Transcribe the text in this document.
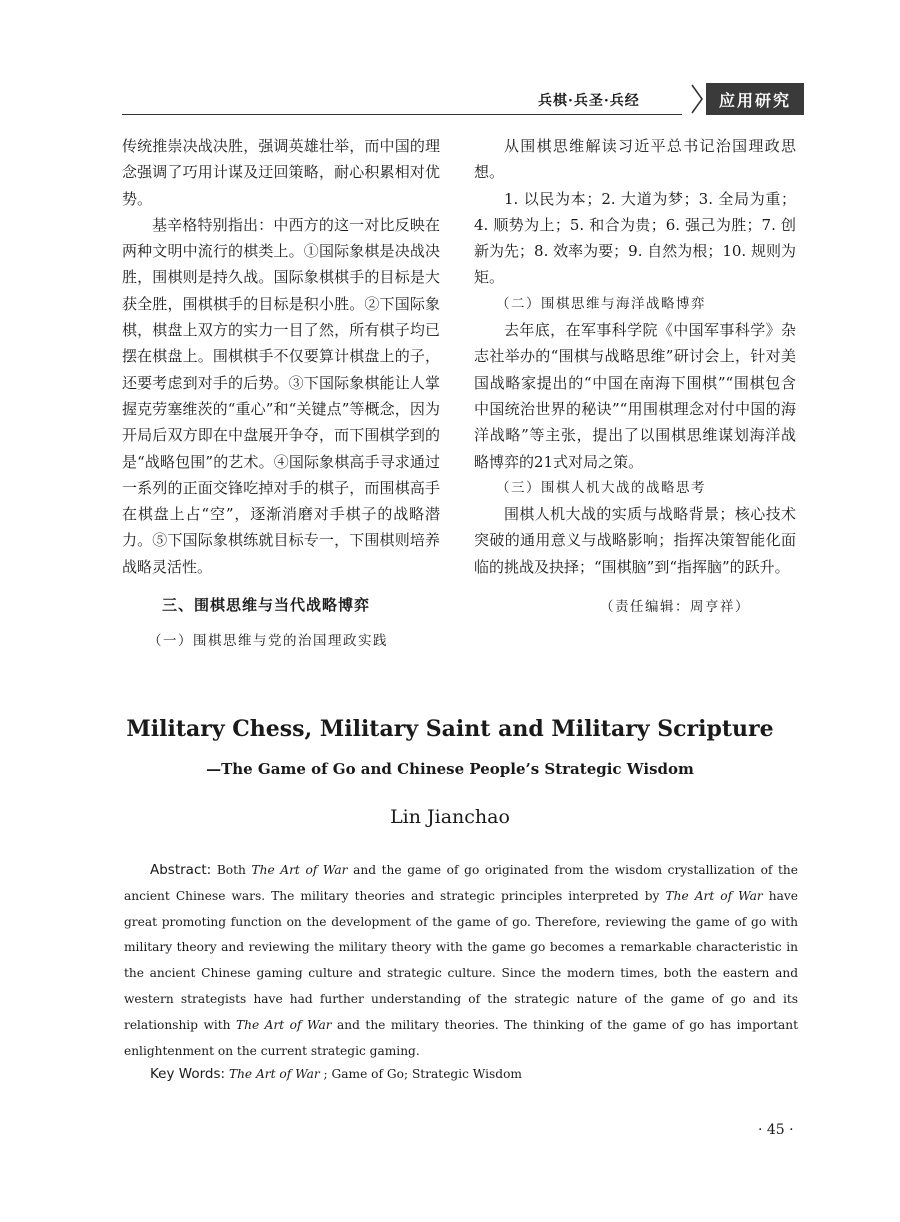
兵棋·兵圣·兵经	应用研究

传统推崇决战决胜，强调英雄壮举，而中国的理念强调了巧用计谋及迂回策略，耐心积累相对优势。

基辛格特别指出：中西方的这一对比反映在两种文明中流行的棋类上。①国际象棋是决战决胜，围棋则是持久战。国际象棋棋手的目标是大获全胜，围棋棋手的目标是积小胜。②下国际象棋，棋盘上双方的实力一目了然，所有棋子均已摆在棋盘上。围棋棋手不仅要算计棋盘上的子，还要考虑到对手的后势。③下国际象棋能让人掌握克劳塞维茨的“重心”和“关键点”等概念，因为开局后双方即在中盘展开争夺，而下围棋学到的是“战略包围”的艺术。④国际象棋高手寻求通过一系列的正面交锋吃掉对手的棋子，而围棋高手在棋盘上占“空”，逐渐消磨对手棋子的战略潜力。⑤下国际象棋练就目标专一，下围棋则培养战略灵活性。

三、围棋思维与当代战略博弈

（一）围棋思维与党的治国理政实践

从围棋思维解读习近平总书记治国理政思想。

1. 以民为本；2. 大道为梦；3. 全局为重；4. 顺势为上；5. 和合为贵；6. 强己为胜；7. 创新为先；8. 效率为要；9. 自然为根；10. 规则为矩。

（二）围棋思维与海洋战略博弈

去年底，在军事科学院《中国军事科学》杂志社举办的“围棋与战略思维”研讨会上，针对美国战略家提出的“中国在南海下围棋”“围棋包含中国统治世界的秘诀”“用围棋理念对付中国的海洋战略”等主张，提出了以围棋思维谋划海洋战略博弈的21式对局之策。

（三）围棋人机大战的战略思考

围棋人机大战的实质与战略背景；核心技术突破的通用意义与战略影响；指挥决策智能化面临的挑战及抉择；“围棋脑”到“指挥脑”的跃升。

（责任编辑：周亨祥）

Military Chess, Military Saint and Military Scripture
—The Game of Go and Chinese People’s Strategic Wisdom
Lin Jianchao
Abstract: Both The Art of War and the game of go originated from the wisdom crystallization of the ancient Chinese wars. The military theories and strategic principles interpreted by The Art of War have great promoting function on the development of the game of go. Therefore, reviewing the game of go with military theory and reviewing the military theory with the game go becomes a remarkable characteristic in the ancient Chinese gaming culture and strategic culture. Since the modern times, both the eastern and western strategists have had further understanding of the strategic nature of the game of go and its relationship with The Art of War and the military theories. The thinking of the game of go has important enlightenment on the current strategic gaming.
Key Words: The Art of War ; Game of Go; Strategic Wisdom
· 45 ·
